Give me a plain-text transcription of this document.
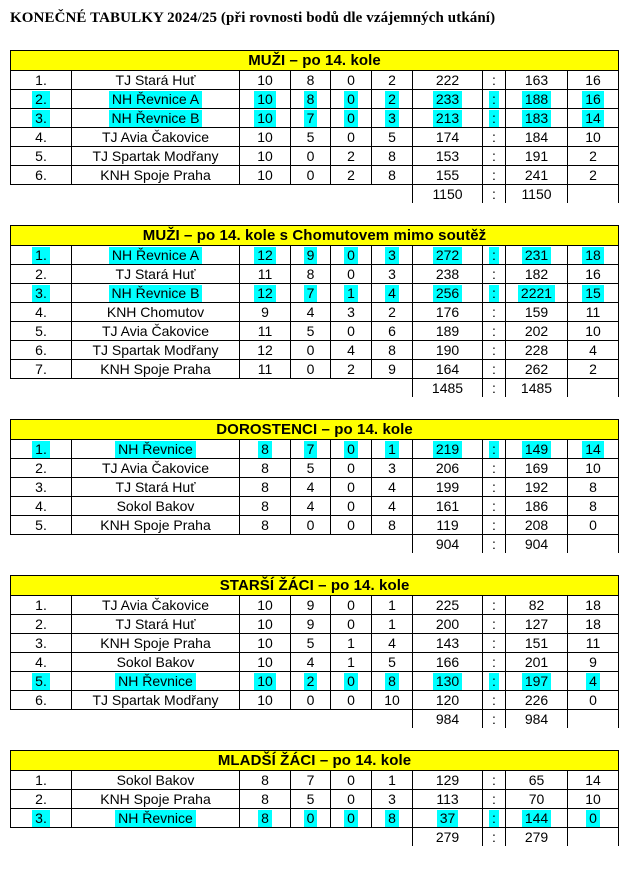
KONEČNÉ TABULKY 2024/25 (při rovnosti bodů dle vzájemných utkání)
MUŽI – po 14. kole									
1.	TJ Stará Huť	10	8	0	2	222	:	163	16
2.	NH Řevnice A	10	8	0	2	233	:	188	16
3.	NH Řevnice B	10	7	0	3	213	:	183	14
4.	TJ Avia Čakovice	10	5	0	5	174	:	184	10
5.	TJ Spartak Modřany	10	0	2	8	153	:	191	2
6.	KNH Spoje Praha	10	0	2	8	155	:	241	2
						1150	:	1150	
MUŽI – po 14. kole s Chomutovem mimo soutěž									
1.	NH Řevnice A	12	9	0	3	272	:	231	18
2.	TJ Stará Huť	11	8	0	3	238	:	182	16
3.	NH Řevnice B	12	7	1	4	256	:	2221	15
4.	KNH Chomutov	9	4	3	2	176	:	159	11
5.	TJ Avia Čakovice	11	5	0	6	189	:	202	10
6.	TJ Spartak Modřany	12	0	4	8	190	:	228	4
7.	KNH Spoje Praha	11	0	2	9	164	:	262	2
						1485	:	1485	
DOROSTENCI – po 14. kole									
1.	NH Řevnice	8	7	0	1	219	:	149	14
2.	TJ Avia Čakovice	8	5	0	3	206	:	169	10
3.	TJ Stará Huť	8	4	0	4	199	:	192	8
4.	Sokol Bakov	8	4	0	4	161	:	186	8
5.	KNH Spoje Praha	8	0	0	8	119	:	208	0
						904	:	904	
STARŠÍ ŽÁCI – po 14. kole									
1.	TJ Avia Čakovice	10	9	0	1	225	:	82	18
2.	TJ Stará Huť	10	9	0	1	200	:	127	18
3.	KNH Spoje Praha	10	5	1	4	143	:	151	11
4.	Sokol Bakov	10	4	1	5	166	:	201	9
5.	NH Řevnice	10	2	0	8	130	:	197	4
6.	TJ Spartak Modřany	10	0	0	10	120	:	226	0
						984	:	984	
MLADŠÍ ŽÁCI – po 14. kole									
1.	Sokol Bakov	8	7	0	1	129	:	65	14
2.	KNH Spoje Praha	8	5	0	3	113	:	70	10
3.	NH Řevnice	8	0	0	8	37	:	144	0
						279	:	279	
